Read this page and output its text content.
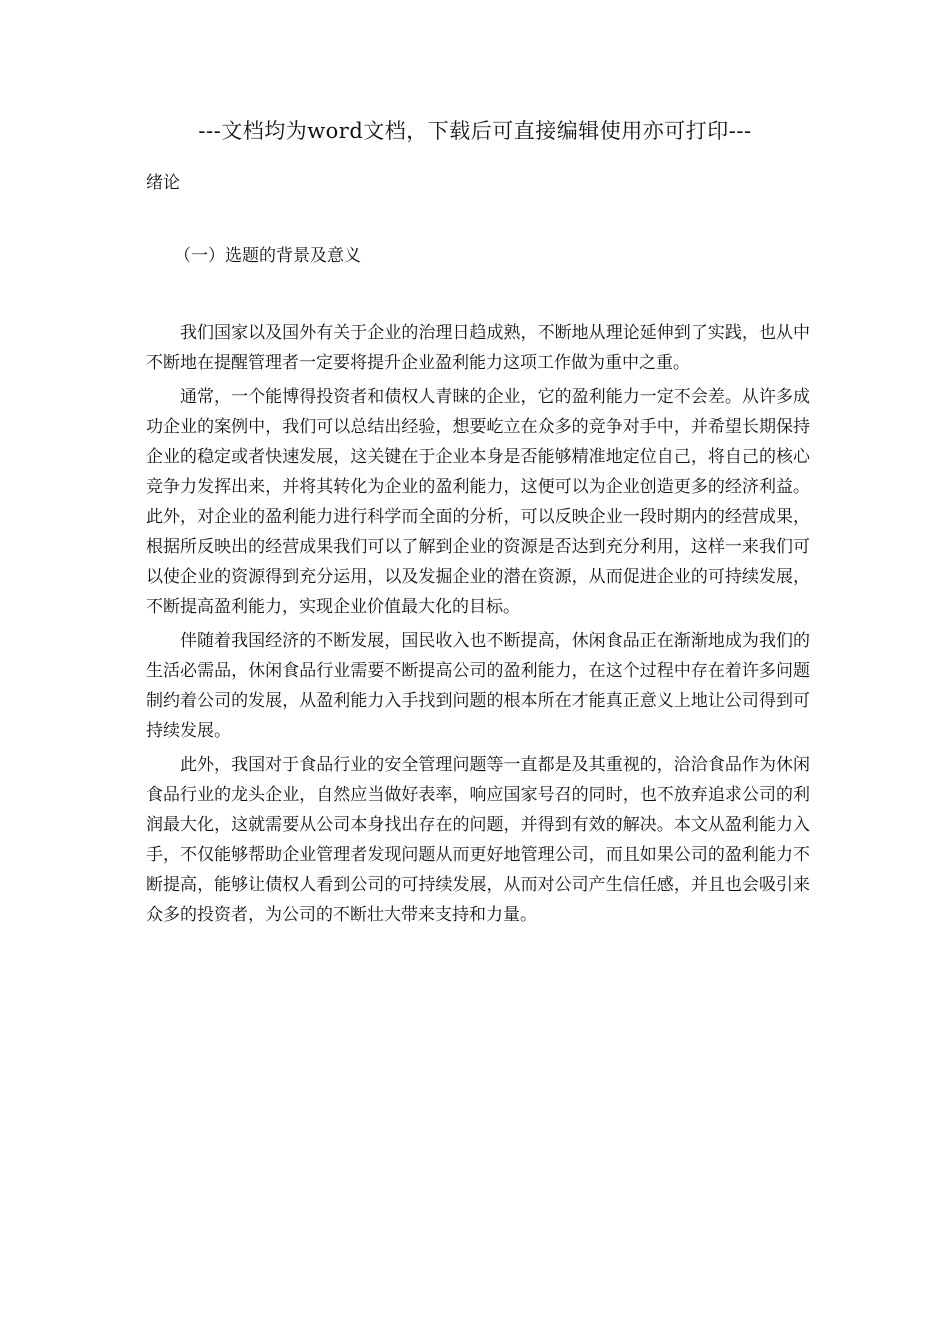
---文档均为word文档，下载后可直接编辑使用亦可打印---
绪论
（一）选题的背景及意义

我们国家以及国外有关于企业的治理日趋成熟，不断地从理论延伸到了实践，也从中不断地在提醒管理者一定要将提升企业盈利能力这项工作做为重中之重。

通常，一个能博得投资者和债权人青睐的企业，它的盈利能力一定不会差。从许多成功企业的案例中，我们可以总结出经验，想要屹立在众多的竞争对手中，并希望长期保持企业的稳定或者快速发展，这关键在于企业本身是否能够精准地定位自己，将自己的核心竞争力发挥出来，并将其转化为企业的盈利能力，这便可以为企业创造更多的经济利益。此外，对企业的盈利能力进行科学而全面的分析，可以反映企业一段时期内的经营成果，根据所反映出的经营成果我们可以了解到企业的资源是否达到充分利用，这样一来我们可以使企业的资源得到充分运用，以及发掘企业的潜在资源，从而促进企业的可持续发展，不断提高盈利能力，实现企业价值最大化的目标。

伴随着我国经济的不断发展，国民收入也不断提高，休闲食品正在渐渐地成为我们的生活必需品，休闲食品行业需要不断提高公司的盈利能力，在这个过程中存在着许多问题制约着公司的发展，从盈利能力入手找到问题的根本所在才能真正意义上地让公司得到可持续发展。

此外，我国对于食品行业的安全管理问题等一直都是及其重视的，洽洽食品作为休闲食品行业的龙头企业，自然应当做好表率，响应国家号召的同时，也不放弃追求公司的利润最大化，这就需要从公司本身找出存在的问题，并得到有效的解决。本文从盈利能力入手，不仅能够帮助企业管理者发现问题从而更好地管理公司，而且如果公司的盈利能力不断提高，能够让债权人看到公司的可持续发展，从而对公司产生信任感，并且也会吸引来众多的投资者，为公司的不断壮大带来支持和力量。
